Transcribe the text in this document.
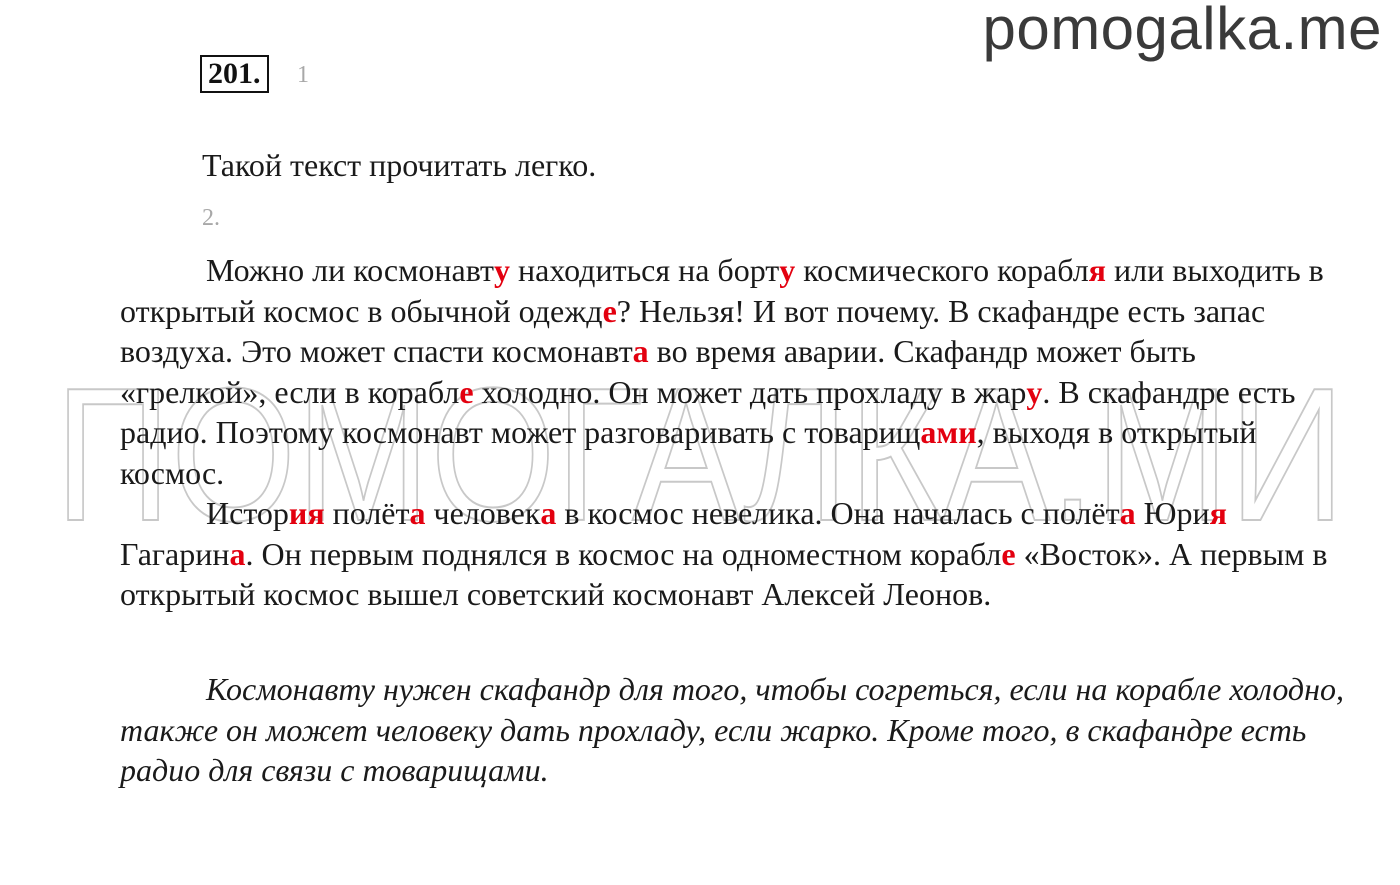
pomogalka.me
ПОМОГАЛКА.МИ
201.	1

Такой текст прочитать легко.

2.

Можно ли космонавту находиться на борту космического корабля или выходить в открытый космос в обычной одежде? Нельзя! И вот почему. В скафандре есть запас воздуха. Это может спасти космонавта во время аварии. Скафандр может быть «грелкой», если в корабле холодно. Он может дать прохладу в жару. В скафандре есть радио. Поэтому космонавт может разговаривать с товарищами, выходя в открытый космос.

История полёта человека в космос невелика. Она началась с полёта Юрия Гагарина. Он первым поднялся в космос на одноместном корабле «Восток». А первым в открытый космос вышел советский космонавт Алексей Леонов.

Космонавту нужен скафандр для того, чтобы согреться, если на корабле холодно, также он может человеку дать прохладу, если жарко. Кроме того, в скафандре есть радио для связи с товарищами.
